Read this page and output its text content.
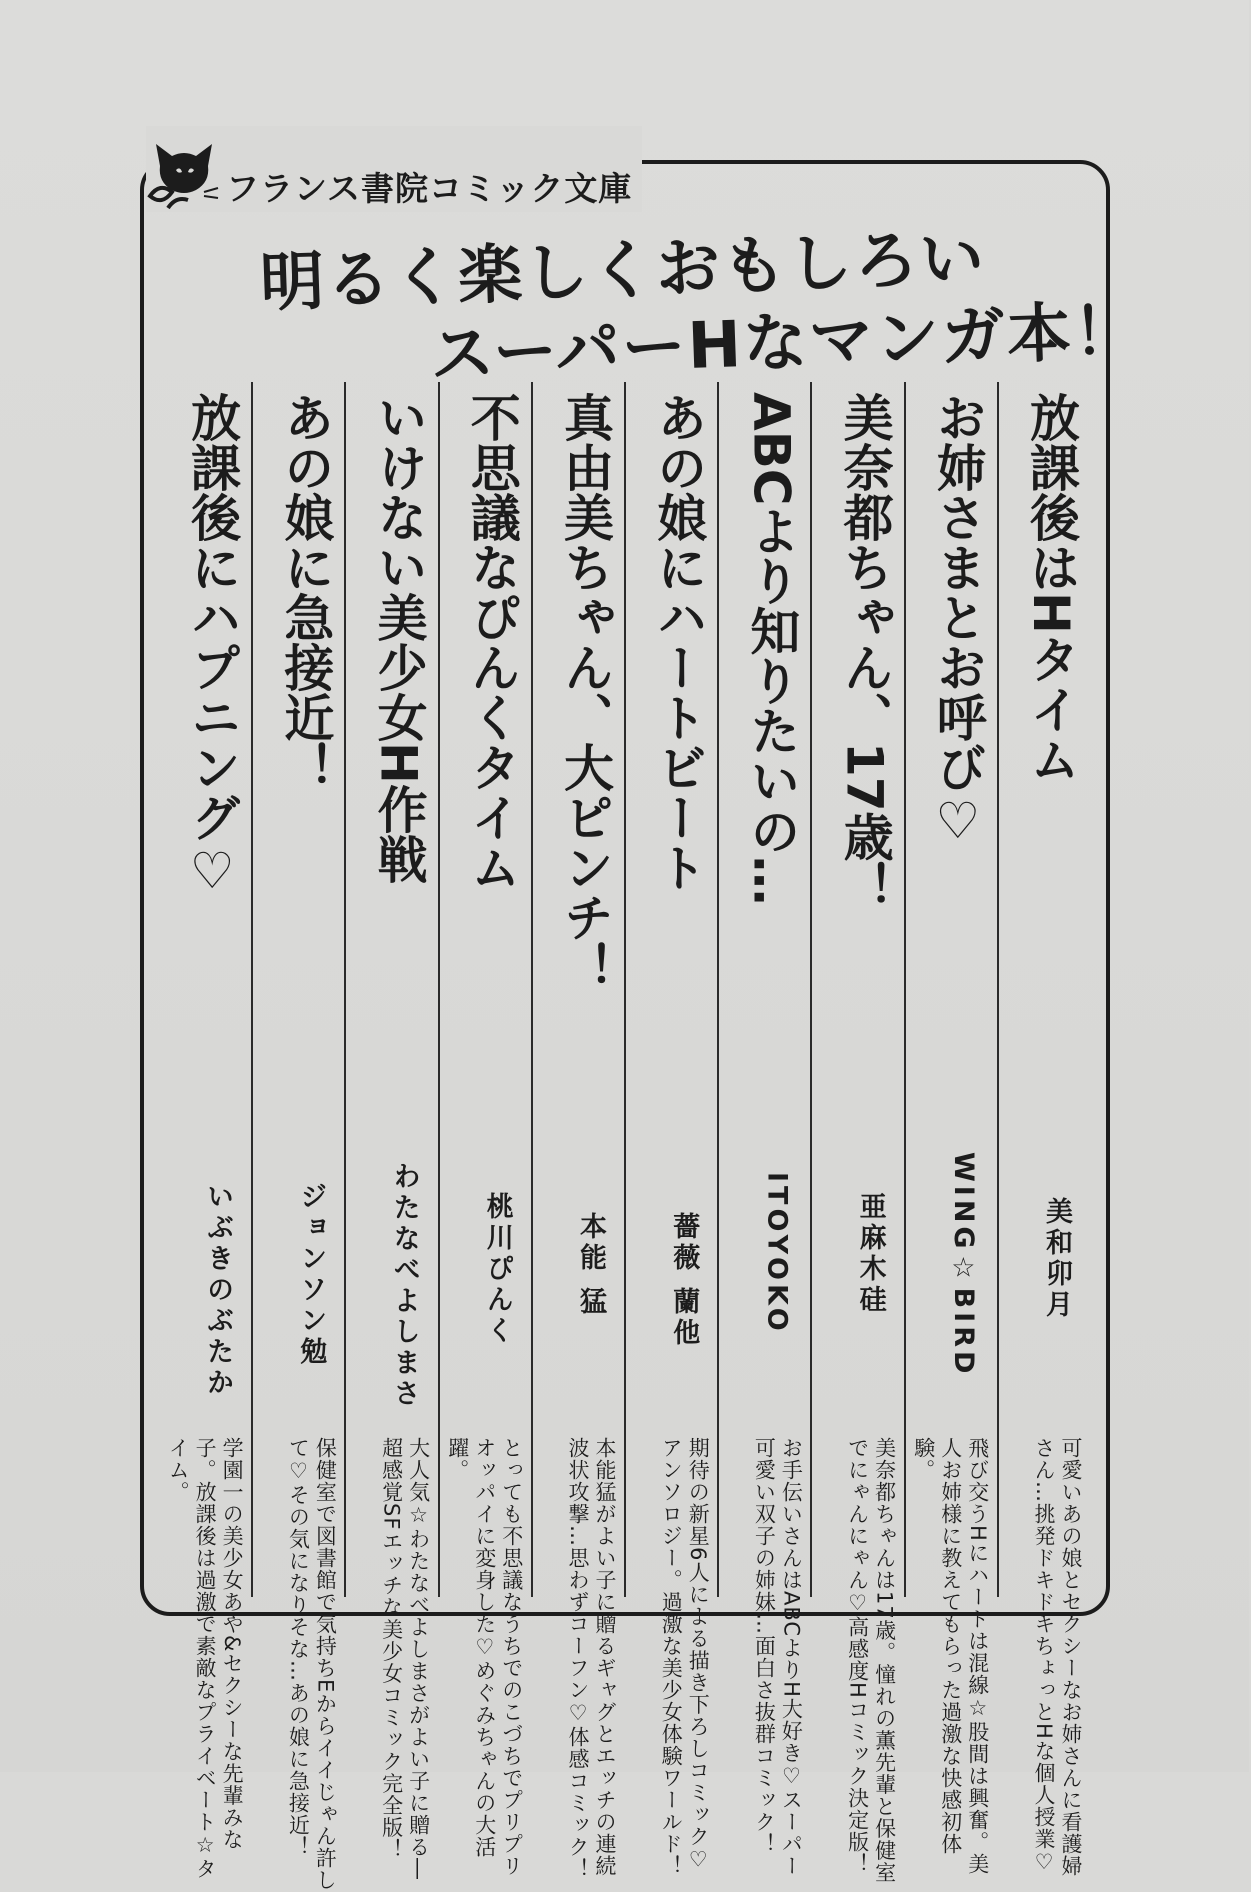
フランス書院コミック文庫
明るく楽しくおもしろい
スーパーHなマンガ本！
放課後はHタイム
美和卯月
可愛いあの娘とセクシーなお姉さんに看護婦さん…挑発ドキドキちょっとHな個人授業♡
お姉さまとお呼び♡
WING☆BIRD
飛び交うHにハートは混線☆股間は興奮。美人お姉様に教えてもらった過激な快感初体験。
美奈都ちゃん、17歳！
亜麻木硅
美奈都ちゃんは17歳。憧れの薫先輩と保健室でにゃんにゃん♡高感度Hコミック決定版！
ABCより知りたいの…
ITOYOKO
お手伝いさんはABCよりH大好き♡スーパー可愛い双子の姉妹…面白さ抜群コミック！
あの娘にハートビート
薔薇 蘭他
期待の新星6人による描き下ろしコミック♡アンソロジー。過激な美少女体験ワールド！
真由美ちゃん、大ピンチ！
本能 猛
本能猛がよい子に贈るギャグとエッチの連続波状攻撃…思わずコーフン♡体感コミック！
不思議なぴんくタイム
桃川ぴんく
とっても不思議なうちでのこづちでプリプリオッパイに変身した♡めぐみちゃんの大活躍。
いけない美少女H作戦
わたなべよしまさ
大人気☆わたなべよしまさがよい子に贈る―超感覚SFエッチな美少女コミック完全版！
あの娘に急接近！
ジョンソン勉
保健室で図書館で気持ちEからイイじゃん許して♡その気になりそな…あの娘に急接近！
放課後にハプニング♡
いぶきのぶたか
学園一の美少女あや&セクシーな先輩みな子。放課後は過激で素敵なプライベート☆タイム。
